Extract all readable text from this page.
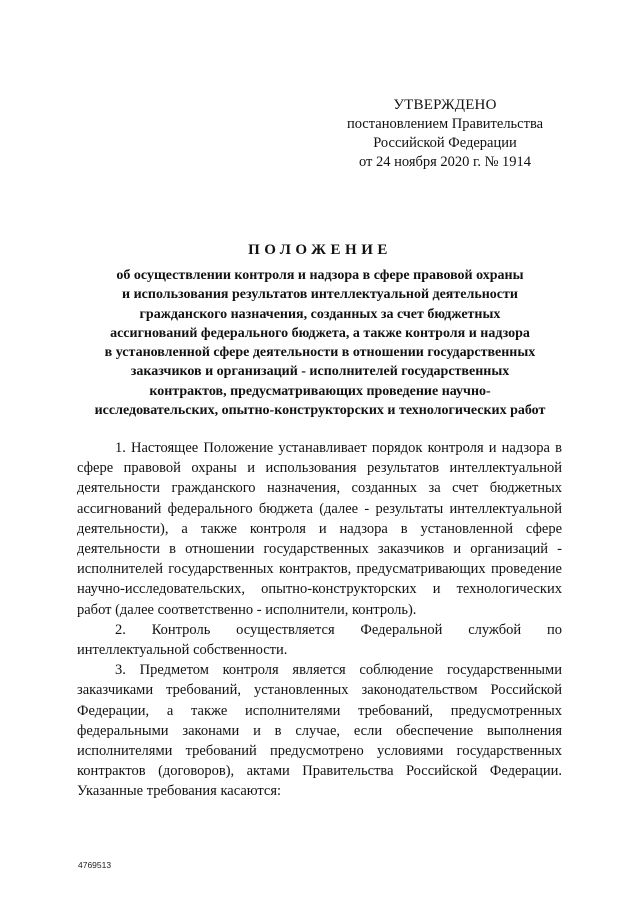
УТВЕРЖДЕНО
постановлением Правительства
Российской Федерации
от 24 ноября 2020 г. № 1914
ПОЛОЖЕНИЕ
об осуществлении контроля и надзора в сфере правовой охраны
и использования результатов интеллектуальной деятельности
гражданского назначения, созданных за счет бюджетных
ассигнований федерального бюджета, а также контроля и надзора
в установленной сфере деятельности в отношении государственных
заказчиков и организаций - исполнителей государственных
контрактов, предусматривающих проведение научно-
исследовательских, опытно-конструкторских и технологических работ

1. Настоящее Положение устанавливает порядок контроля и надзора в сфере правовой охраны и использования результатов интеллектуальной деятельности гражданского назначения, созданных за счет бюджетных ассигнований федерального бюджета (далее - результаты интеллектуальной деятельности), а также контроля и надзора в установленной сфере деятельности в отношении государственных заказчиков и организаций - исполнителей государственных контрактов, предусматривающих проведение научно-исследовательских, опытно-конструкторских и технологических работ (далее соответственно - исполнители, контроль).

2. Контроль осуществляется Федеральной службой по интеллектуальной собственности.

3. Предметом контроля является соблюдение государственными заказчиками требований, установленных законодательством Российской Федерации, а также исполнителями требований, предусмотренных федеральными законами и в случае, если обеспечение выполнения исполнителями требований предусмотрено условиями государственных контрактов (договоров), актами Правительства Российской Федерации. Указанные требования касаются:

4769513
